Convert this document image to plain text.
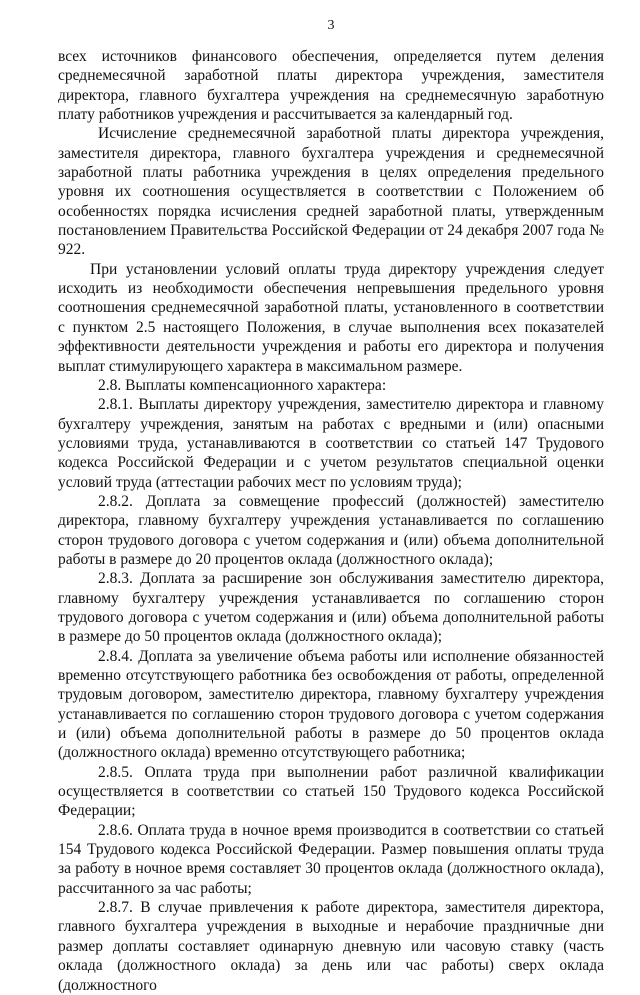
3

всех источников финансового обеспечения, определяется путем деления среднемесячной заработной платы директора учреждения, заместителя директора, главного бухгалтера учреждения на среднемесячную заработную плату работников учреждения и рассчитывается за календарный год.

Исчисление среднемесячной заработной платы директора учреждения, заместителя директора, главного бухгалтера учреждения и среднемесячной заработной платы работника учреждения в целях определения предельного уровня их соотношения осуществляется в соответствии с Положением об особенностях порядка исчисления средней заработной платы, утвержденным постановлением Правительства Российской Федерации от 24 декабря 2007 года № 922.

При установлении условий оплаты труда директору учреждения следует исходить из необходимости обеспечения непревышения предельного уровня соотношения среднемесячной заработной платы, установленного в соответствии с пунктом 2.5 настоящего Положения, в случае выполнения всех показателей эффективности деятельности учреждения и работы его директора и получения выплат стимулирующего характера в максимальном размере.

2.8. Выплаты компенсационного характера:

2.8.1. Выплаты директору учреждения, заместителю директора и главному бухгалтеру учреждения, занятым на работах с вредными и (или) опасными условиями труда, устанавливаются в соответствии со статьей 147 Трудового кодекса Российской Федерации и с учетом результатов специальной оценки условий труда (аттестации рабочих мест по условиям труда);

2.8.2. Доплата за совмещение профессий (должностей) заместителю директора, главному бухгалтеру учреждения устанавливается по соглашению сторон трудового договора с учетом содержания и (или) объема дополнительной работы в размере до 20 процентов оклада (должностного оклада);

2.8.3. Доплата за расширение зон обслуживания заместителю директора, главному бухгалтеру учреждения устанавливается по соглашению сторон трудового договора с учетом содержания и (или) объема дополнительной работы в размере до 50 процентов оклада (должностного оклада);

2.8.4. Доплата за увеличение объема работы или исполнение обязанностей временно отсутствующего работника без освобождения от работы, определенной трудовым договором, заместителю директора, главному бухгалтеру учреждения устанавливается по соглашению сторон трудового договора с учетом содержания и (или) объема дополнительной работы в размере до 50 процентов оклада (должностного оклада) временно отсутствующего работника;

2.8.5. Оплата труда при выполнении работ различной квалификации осуществляется в соответствии со статьей 150 Трудового кодекса Российской Федерации;

2.8.6. Оплата труда в ночное время производится в соответствии со статьей 154 Трудового кодекса Российской Федерации. Размер повышения оплаты труда за работу в ночное время составляет 30 процентов оклада (должностного оклада), рассчитанного за час работы;

2.8.7. В случае привлечения к работе директора, заместителя директора, главного бухгалтера учреждения в выходные и нерабочие праздничные дни размер доплаты составляет одинарную дневную или часовую ставку (часть оклада (должностного оклада) за день или час работы) сверх оклада (должностного
